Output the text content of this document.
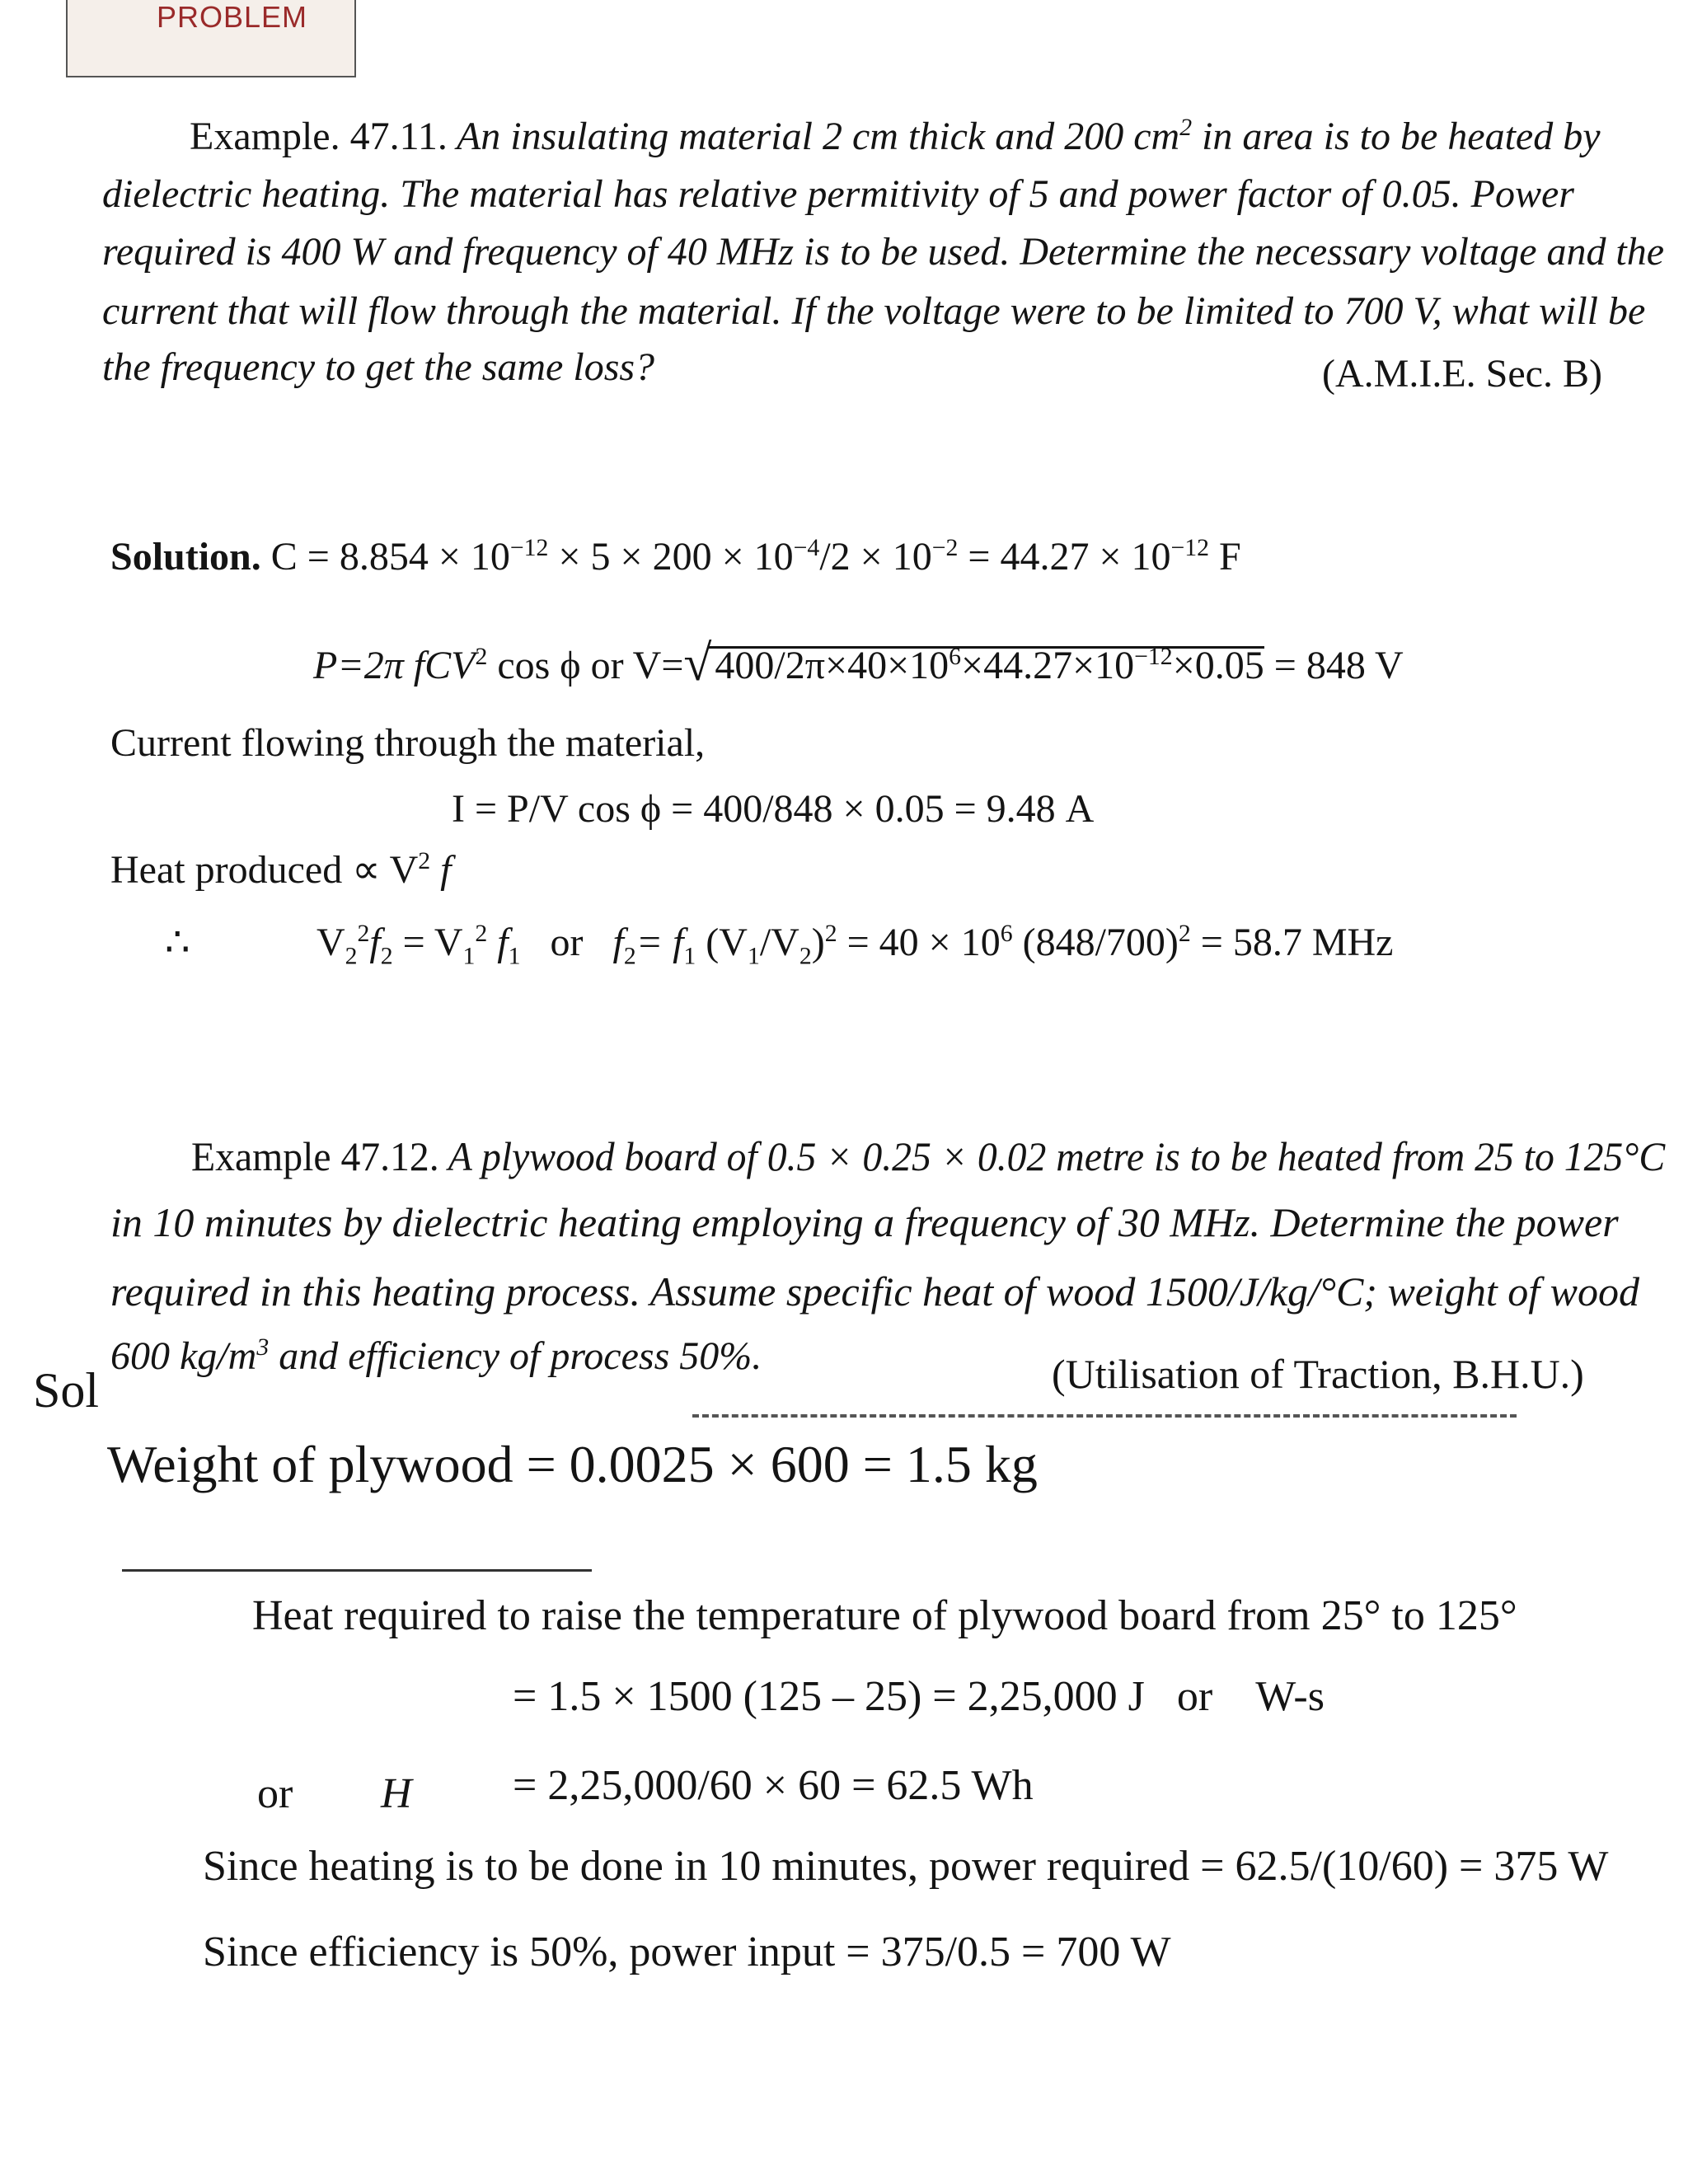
PROBLEM
Example. 47.11. An insulating material 2 cm thick and 200 $cm^2$ in area is to be heated by
dielectric heating. The material has relative permitivity of 5 and power factor of 0.05. Power
required is 400 W and frequency of 40 MHz is to be used. Determine the necessary voltage and the
current that will flow through the material. If the voltage were to be limited to 700 V, what will be
the frequency to get the same loss?	(A.M.I.E. Sec. B)
Solution. $C = 8.854 \times 10^{-12} \times 5 \times 200 \times 10^{-4}/2 \times 10^{-2} = 44.27 \times 10^{-12}$ F
P=2π fCV$^2$ cos ϕ or V= √ $400/2\pi\times 40\times 10^6\times 44.27\times 10^{-12}\times 0.05 = 848$ V
Current flowing through the material,
I = P/V cos ϕ = 400/848 × 0.05 = 9.48 A
Heat produced ∝ $V^2$ f
∴	$V_2^2f_2 = V_1^2$ $f_1$ or $f_2= f_1$ $(V_1/V_2)^2 = 40 \times 10^6$ $(848/700)^2 = 58.7$ MHz
Example 47.12. A plywood board of 0.5 × 0.25 × 0.02 metre is to be heated from 25 to 125°C
in 10 minutes by dielectric heating employing a frequency of 30 MHz. Determine the power
required in this heating process. Assume specific heat of wood 1500/J/kg/°C; weight of wood
600 $kg/m^3$ and efficiency of process 50%.	(Utilisation of Traction, B.H.U.)
Sol
Weight of plywood = 0.0025 × 600 = 1.5 kg
Heat required to raise the temperature of plywood board from 25° to 125°
= 1.5 × 1500 (125 – 25) = 2,25,000 J or W-s
or H = 2,25,000/60 × 60 = 62.5 Wh
Since heating is to be done in 10 minutes, power required = 62.5/(10/60) = 375 W
Since efficiency is 50%, power input = 375/0.5 = 700 W
